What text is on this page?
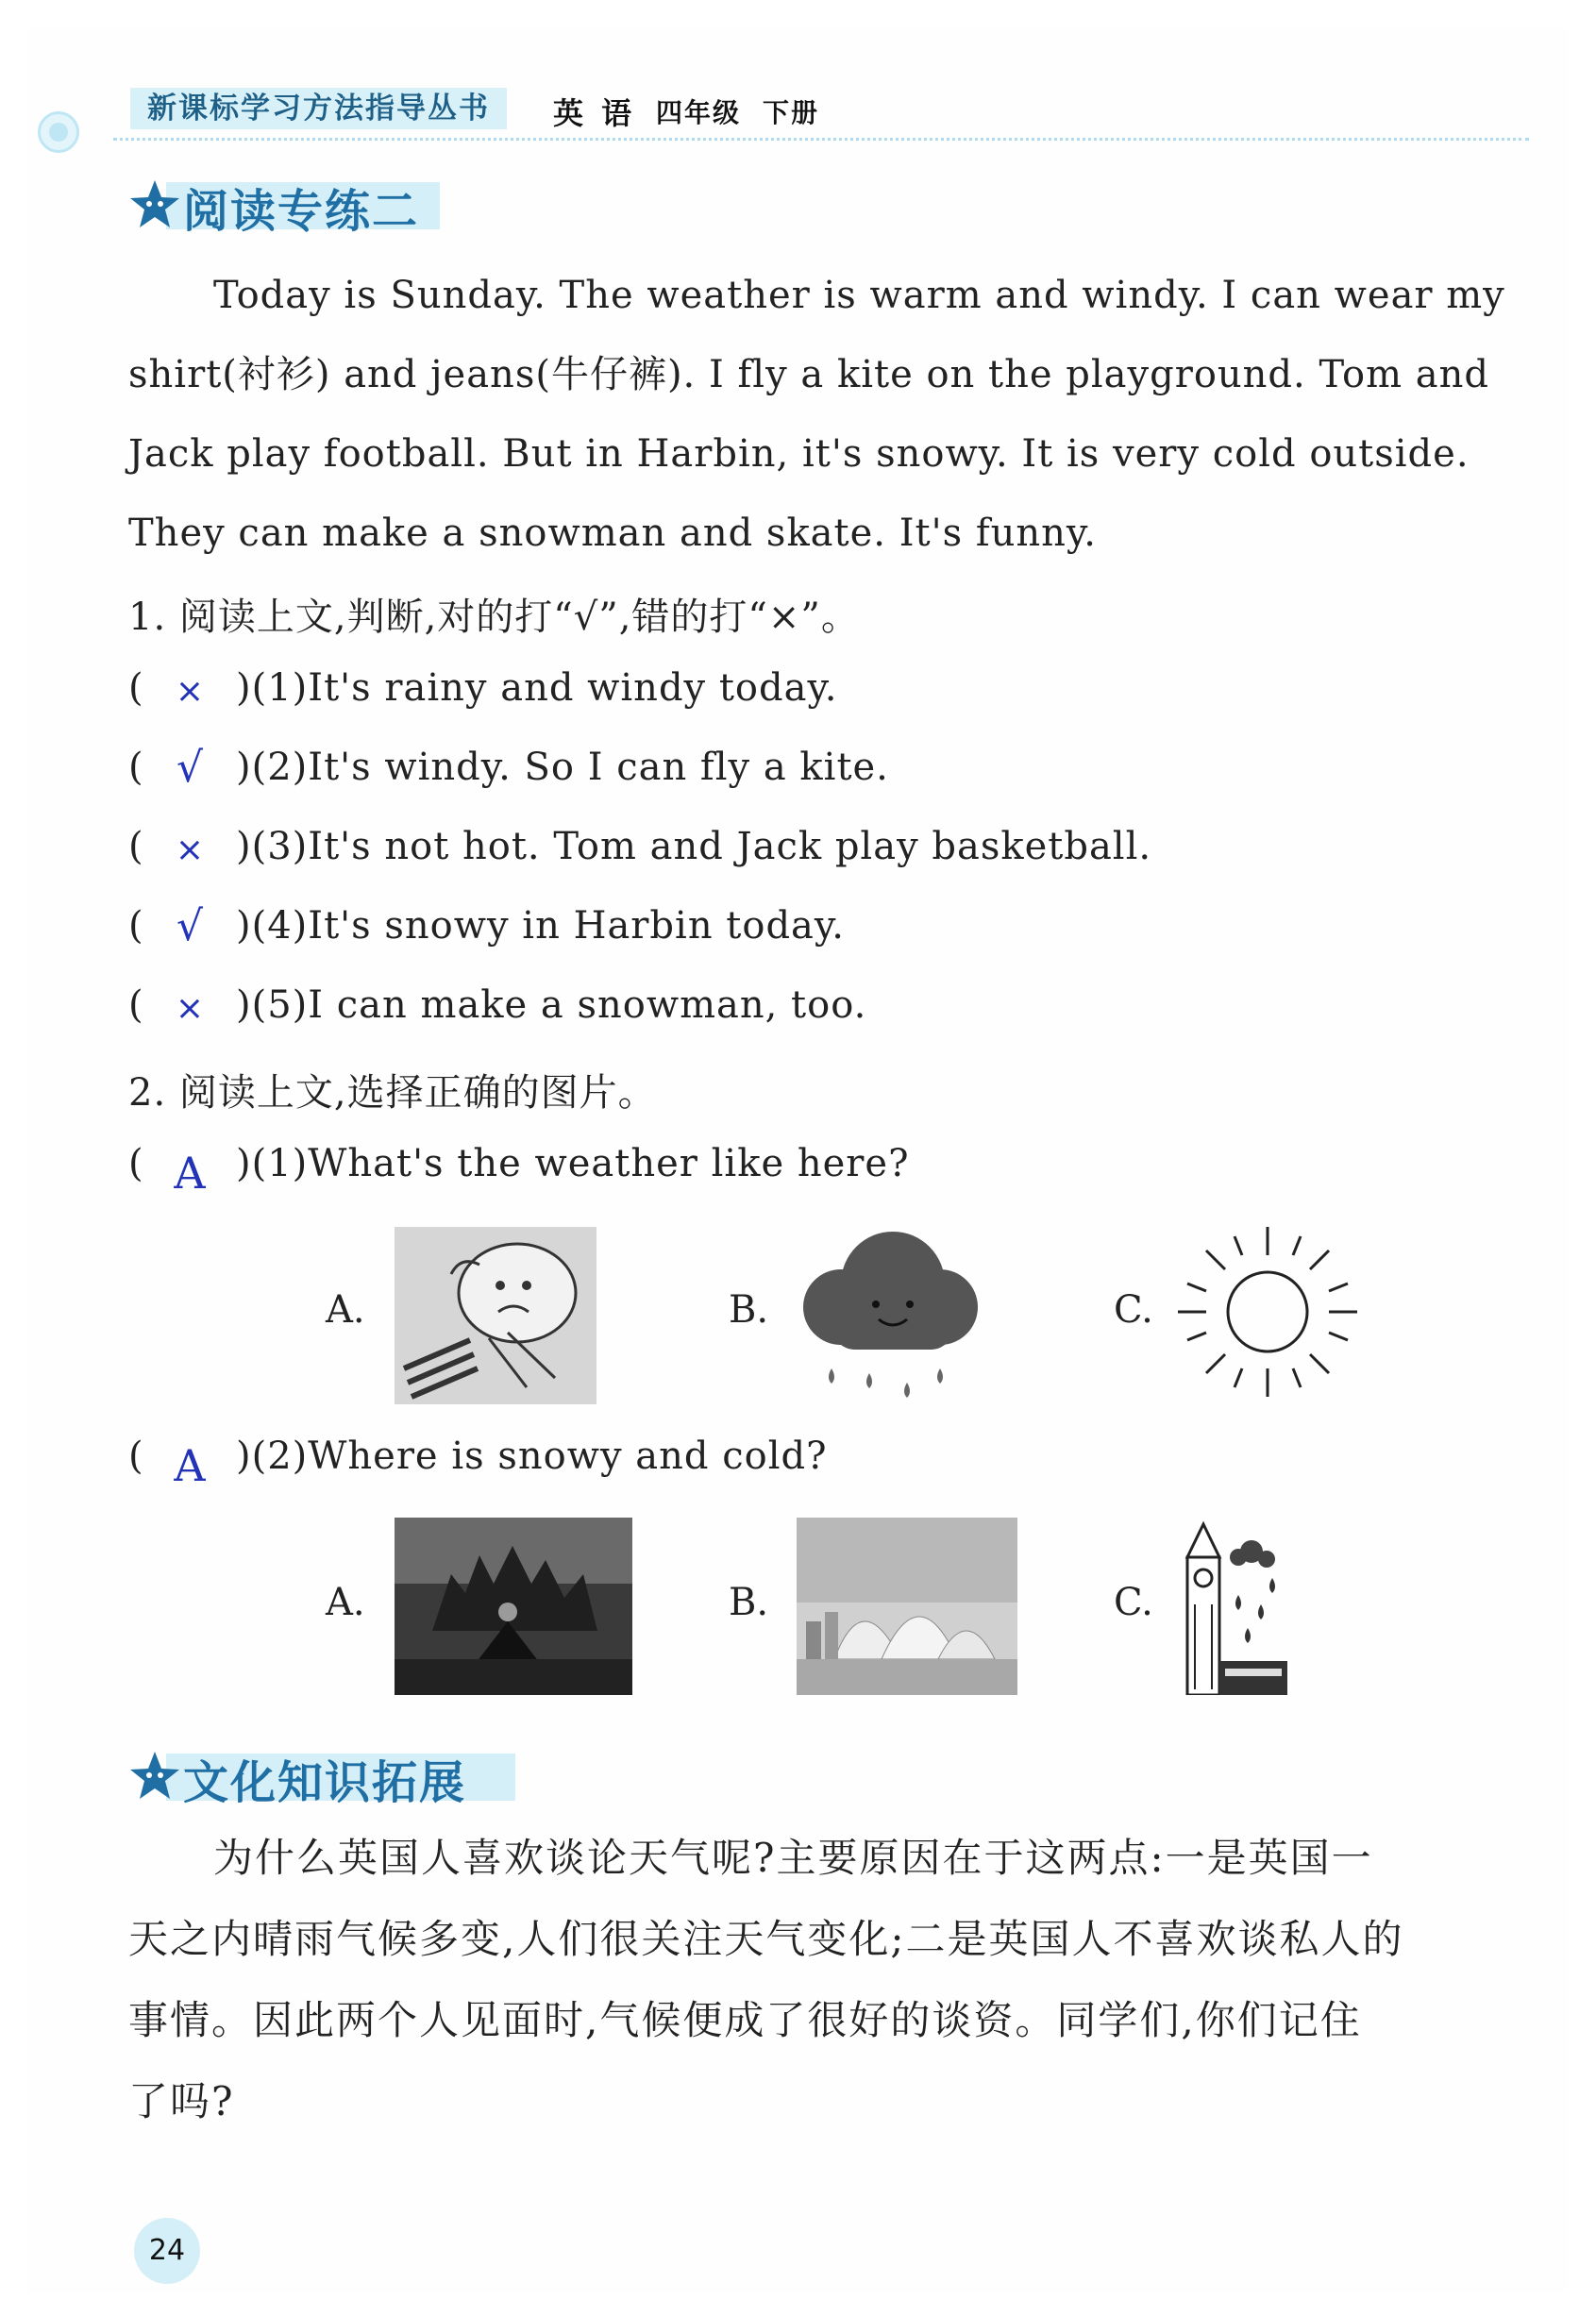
新课标学习方法指导丛书	英 语 四年级 下册
阅读专练二
Today is Sunday. The weather is warm and windy. I can wear my
shirt(衬衫) and jeans(牛仔裤). I fly a kite on the playground. Tom and
Jack play football. But in Harbin, it's snowy. It is very cold outside.
They can make a snowman and skate. It's funny.
1. 阅读上文,判断,对的打“√”,错的打“×”。
( × )(1)It's rainy and windy today.
( √ )(2)It's windy. So I can fly a kite.
( × )(3)It's not hot. Tom and Jack play basketball.
( √ )(4)It's snowy in Harbin today.
( × )(5)I can make a snowman, too.
2. 阅读上文,选择正确的图片。
( A )(1)What's the weather like here?
A.	B.	C.
( A )(2)Where is snowy and cold?
A.	B.	C.
文化知识拓展
为什么英国人喜欢谈论天气呢?主要原因在于这两点:一是英国一
天之内晴雨气候多变,人们很关注天气变化;二是英国人不喜欢谈私人的
事情。因此两个人见面时,气候便成了很好的谈资。同学们,你们记住
了吗?
24
